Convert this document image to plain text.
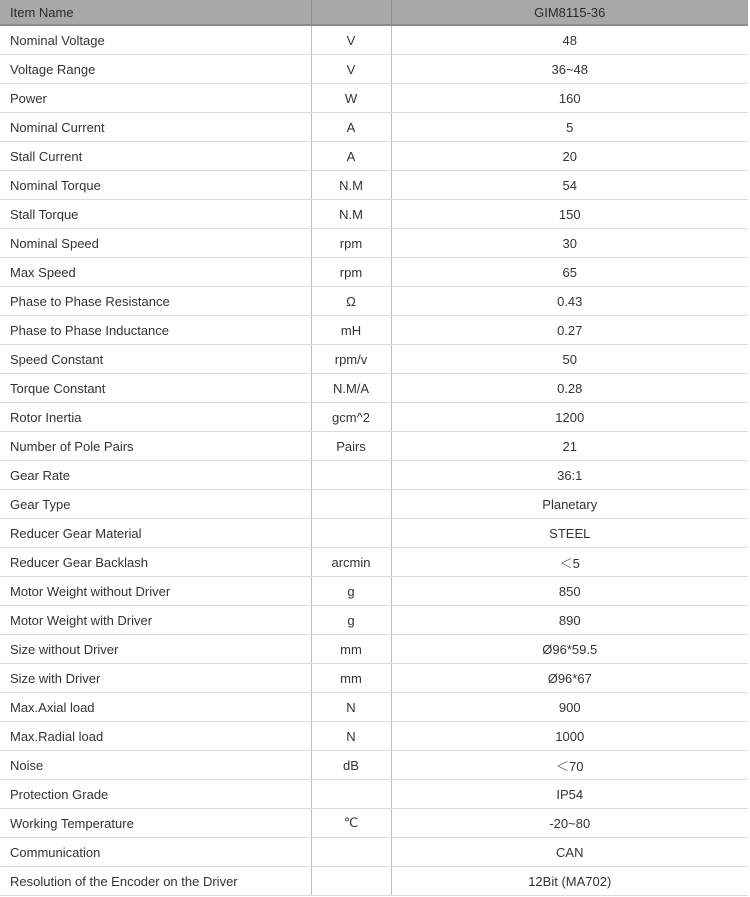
Item Name		GIM8115-36
Nominal Voltage	V	48
Voltage Range	V	36~48
Power	W	160
Nominal Current	A	5
Stall Current	A	20
Nominal Torque	N.M	54
Stall Torque	N.M	150
Nominal Speed	rpm	30
Max Speed	rpm	65
Phase to Phase Resistance	Ω	0.43
Phase to Phase Inductance	mH	0.27
Speed Constant	rpm/v	50
Torque Constant	N.M/A	0.28
Rotor Inertia	gcm^2	1200
Number of Pole Pairs	Pairs	21
Gear Rate		36:1
Gear Type		Planetary
Reducer Gear Material		STEEL
Reducer Gear Backlash	arcmin	＜5
Motor Weight without Driver	g	850
Motor Weight with Driver	g	890
Size without Driver	mm	Ø96*59.5
Size with Driver	mm	Ø96*67
Max.Axial load	N	900
Max.Radial load	N	1000
Noise	dB	＜70
Protection Grade		IP54
Working Temperature	℃	-20~80
Communication		CAN
Resolution of the Encoder on the Driver		12Bit (MA702)
